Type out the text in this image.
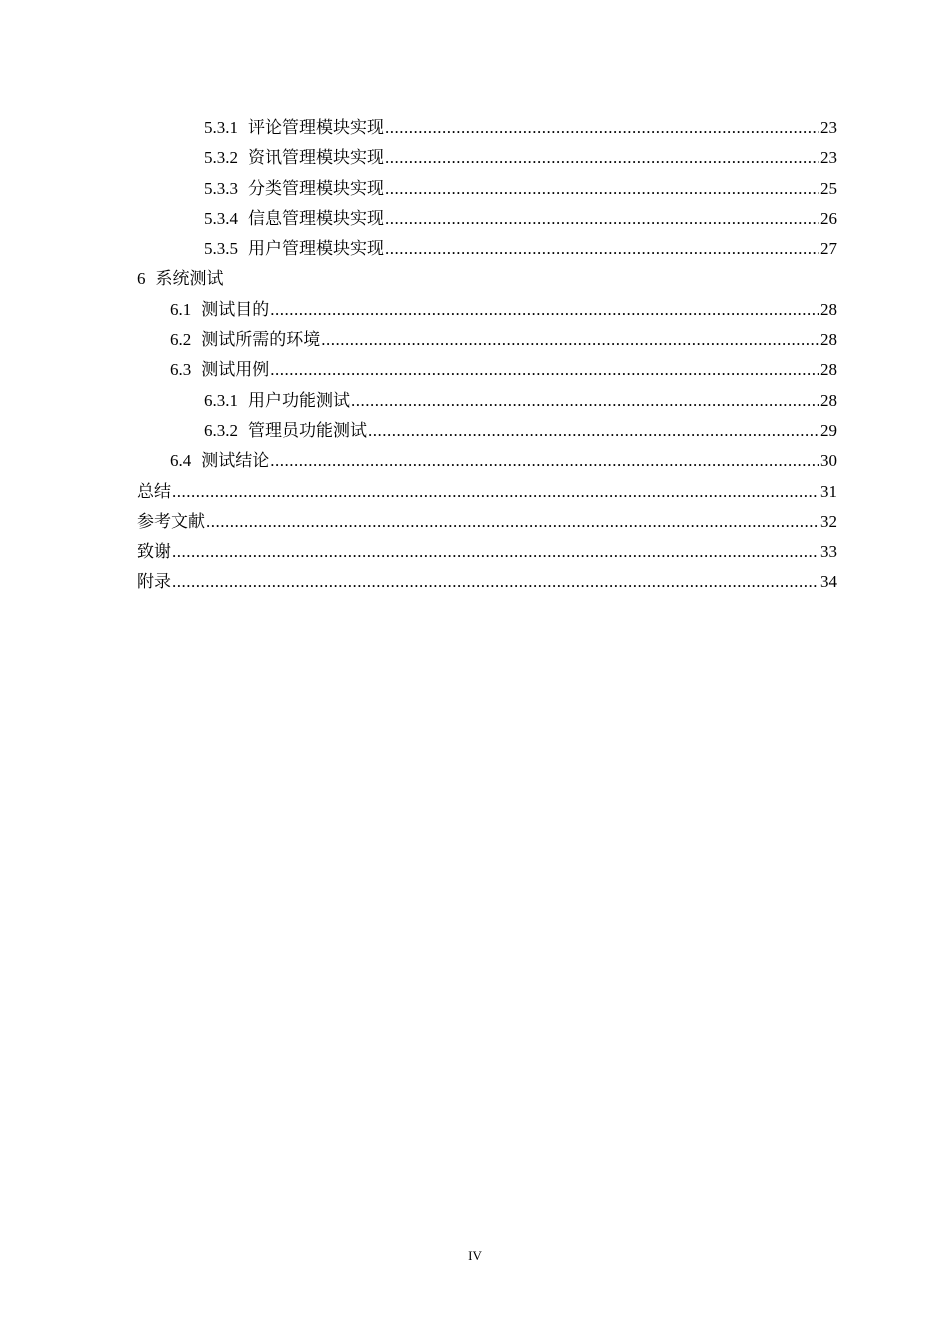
5.3.1 评论管理模块实现 .....	23
5.3.2 资讯管理模块实现 .....	23
5.3.3 分类管理模块实现 .....	25
5.3.4 信息管理模块实现 .....	26
5.3.5 用户管理模块实现 .....	27
6 系统测试
6.1 测试目的 .....	28
6.2 测试所需的环境 .....	28
6.3 测试用例 .....	28
6.3.1 用户功能测试 .....	28
6.3.2 管理员功能测试 .....	29
6.4 测试结论 .....	30
总结 .....	31
参考文献 .....	32
致谢 .....	33
附录 .....	34
IV
